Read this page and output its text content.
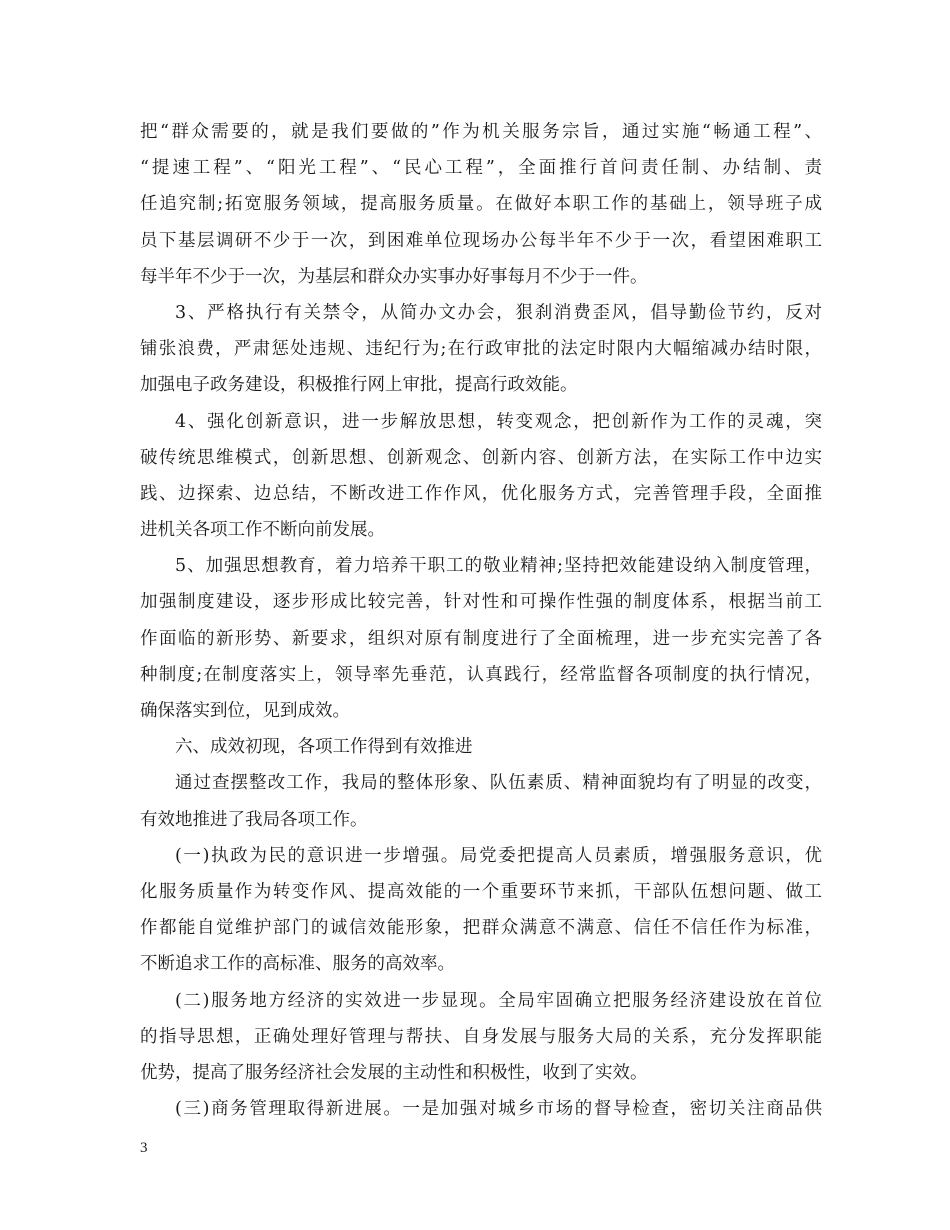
把“群众需要的，就是我们要做的”作为机关服务宗旨，通过实施“畅通工程”、
“提速工程”、“阳光工程”、“民心工程”，全面推行首问责任制、办结制、责
任追究制;拓宽服务领域，提高服务质量。在做好本职工作的基础上，领导班子成
员下基层调研不少于一次，到困难单位现场办公每半年不少于一次，看望困难职工
每半年不少于一次，为基层和群众办实事办好事每月不少于一件。
3、严格执行有关禁令，从简办文办会，狠刹消费歪风，倡导勤俭节约，反对
铺张浪费，严肃惩处违规、违纪行为;在行政审批的法定时限内大幅缩减办结时限，
加强电子政务建设，积极推行网上审批，提高行政效能。
4、强化创新意识，进一步解放思想，转变观念，把创新作为工作的灵魂，突
破传统思维模式，创新思想、创新观念、创新内容、创新方法，在实际工作中边实
践、边探索、边总结，不断改进工作作风，优化服务方式，完善管理手段，全面推
进机关各项工作不断向前发展。
5、加强思想教育，着力培养干职工的敬业精神;坚持把效能建设纳入制度管理，
加强制度建设，逐步形成比较完善，针对性和可操作性强的制度体系，根据当前工
作面临的新形势、新要求，组织对原有制度进行了全面梳理，进一步充实完善了各
种制度;在制度落实上，领导率先垂范，认真践行，经常监督各项制度的执行情况，
确保落实到位，见到成效。
六、成效初现，各项工作得到有效推进
通过查摆整改工作，我局的整体形象、队伍素质、精神面貌均有了明显的改变，
有效地推进了我局各项工作。
(一)执政为民的意识进一步增强。局党委把提高人员素质，增强服务意识，优
化服务质量作为转变作风、提高效能的一个重要环节来抓，干部队伍想问题、做工
作都能自觉维护部门的诚信效能形象，把群众满意不满意、信任不信任作为标准，
不断追求工作的高标准、服务的高效率。
(二)服务地方经济的实效进一步显现。全局牢固确立把服务经济建设放在首位
的指导思想，正确处理好管理与帮扶、自身发展与服务大局的关系，充分发挥职能
优势，提高了服务经济社会发展的主动性和积极性，收到了实效。
(三)商务管理取得新进展。一是加强对城乡市场的督导检查，密切关注商品供
3
